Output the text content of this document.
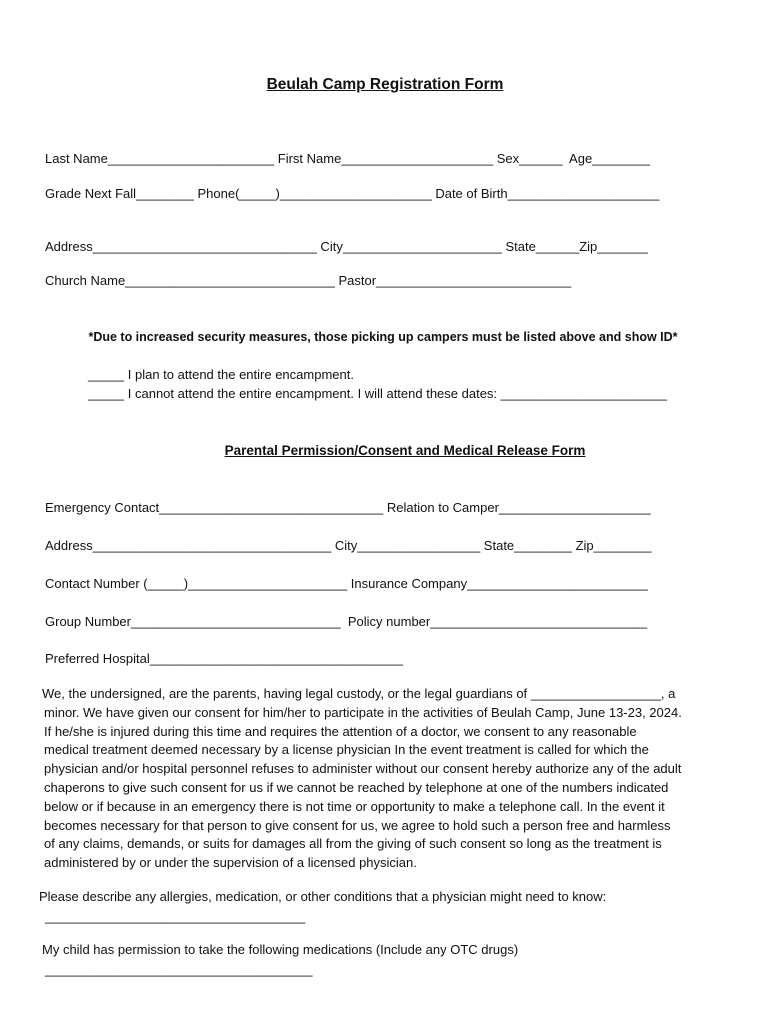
Beulah Camp Registration Form

Last Name_______________________ First Name_____________________ Sex______  Age________

Grade Next Fall________ Phone(_____)_____________________ Date of Birth_____________________

Address_______________________________ City______________________ State______Zip_______

Church Name_____________________________ Pastor___________________________

*Due to increased security measures, those picking up campers must be listed above and show ID*

_____ I plan to attend the entire encampment.

_____ I cannot attend the entire encampment. I will attend these dates: _______________________

Parental Permission/Consent and Medical Release Form

Emergency Contact_______________________________ Relation to Camper_____________________

Address_________________________________ City_________________ State________ Zip________

Contact Number (_____)______________________ Insurance Company_________________________

Group Number_____________________________  Policy number______________________________

Preferred Hospital___________________________________

We, the undersigned, are the parents, having legal custody, or the legal guardians of __________________, a
minor. We have given our consent for him/her to participate in the activities of Beulah Camp, June 13-23, 2024.
If he/she is injured during this time and requires the attention of a doctor, we consent to any reasonable
medical treatment deemed necessary by a license physician In the event treatment is called for which the
physician and/or hospital personnel refuses to administer without our consent hereby authorize any of the adult
chaperons to give such consent for us if we cannot be reached by telephone at one of the numbers indicated
below or if because in an emergency there is not time or opportunity to make a telephone call. In the event it
becomes necessary for that person to give consent for us, we agree to hold such a person free and harmless
of any claims, demands, or suits for damages all from the giving of such consent so long as the treatment is
administered by or under the supervision of a licensed physician.

Please describe any allergies, medication, or other conditions that a physician might need to know:

____________________________________

My child has permission to take the following medications (Include any OTC drugs)

_____________________________________
